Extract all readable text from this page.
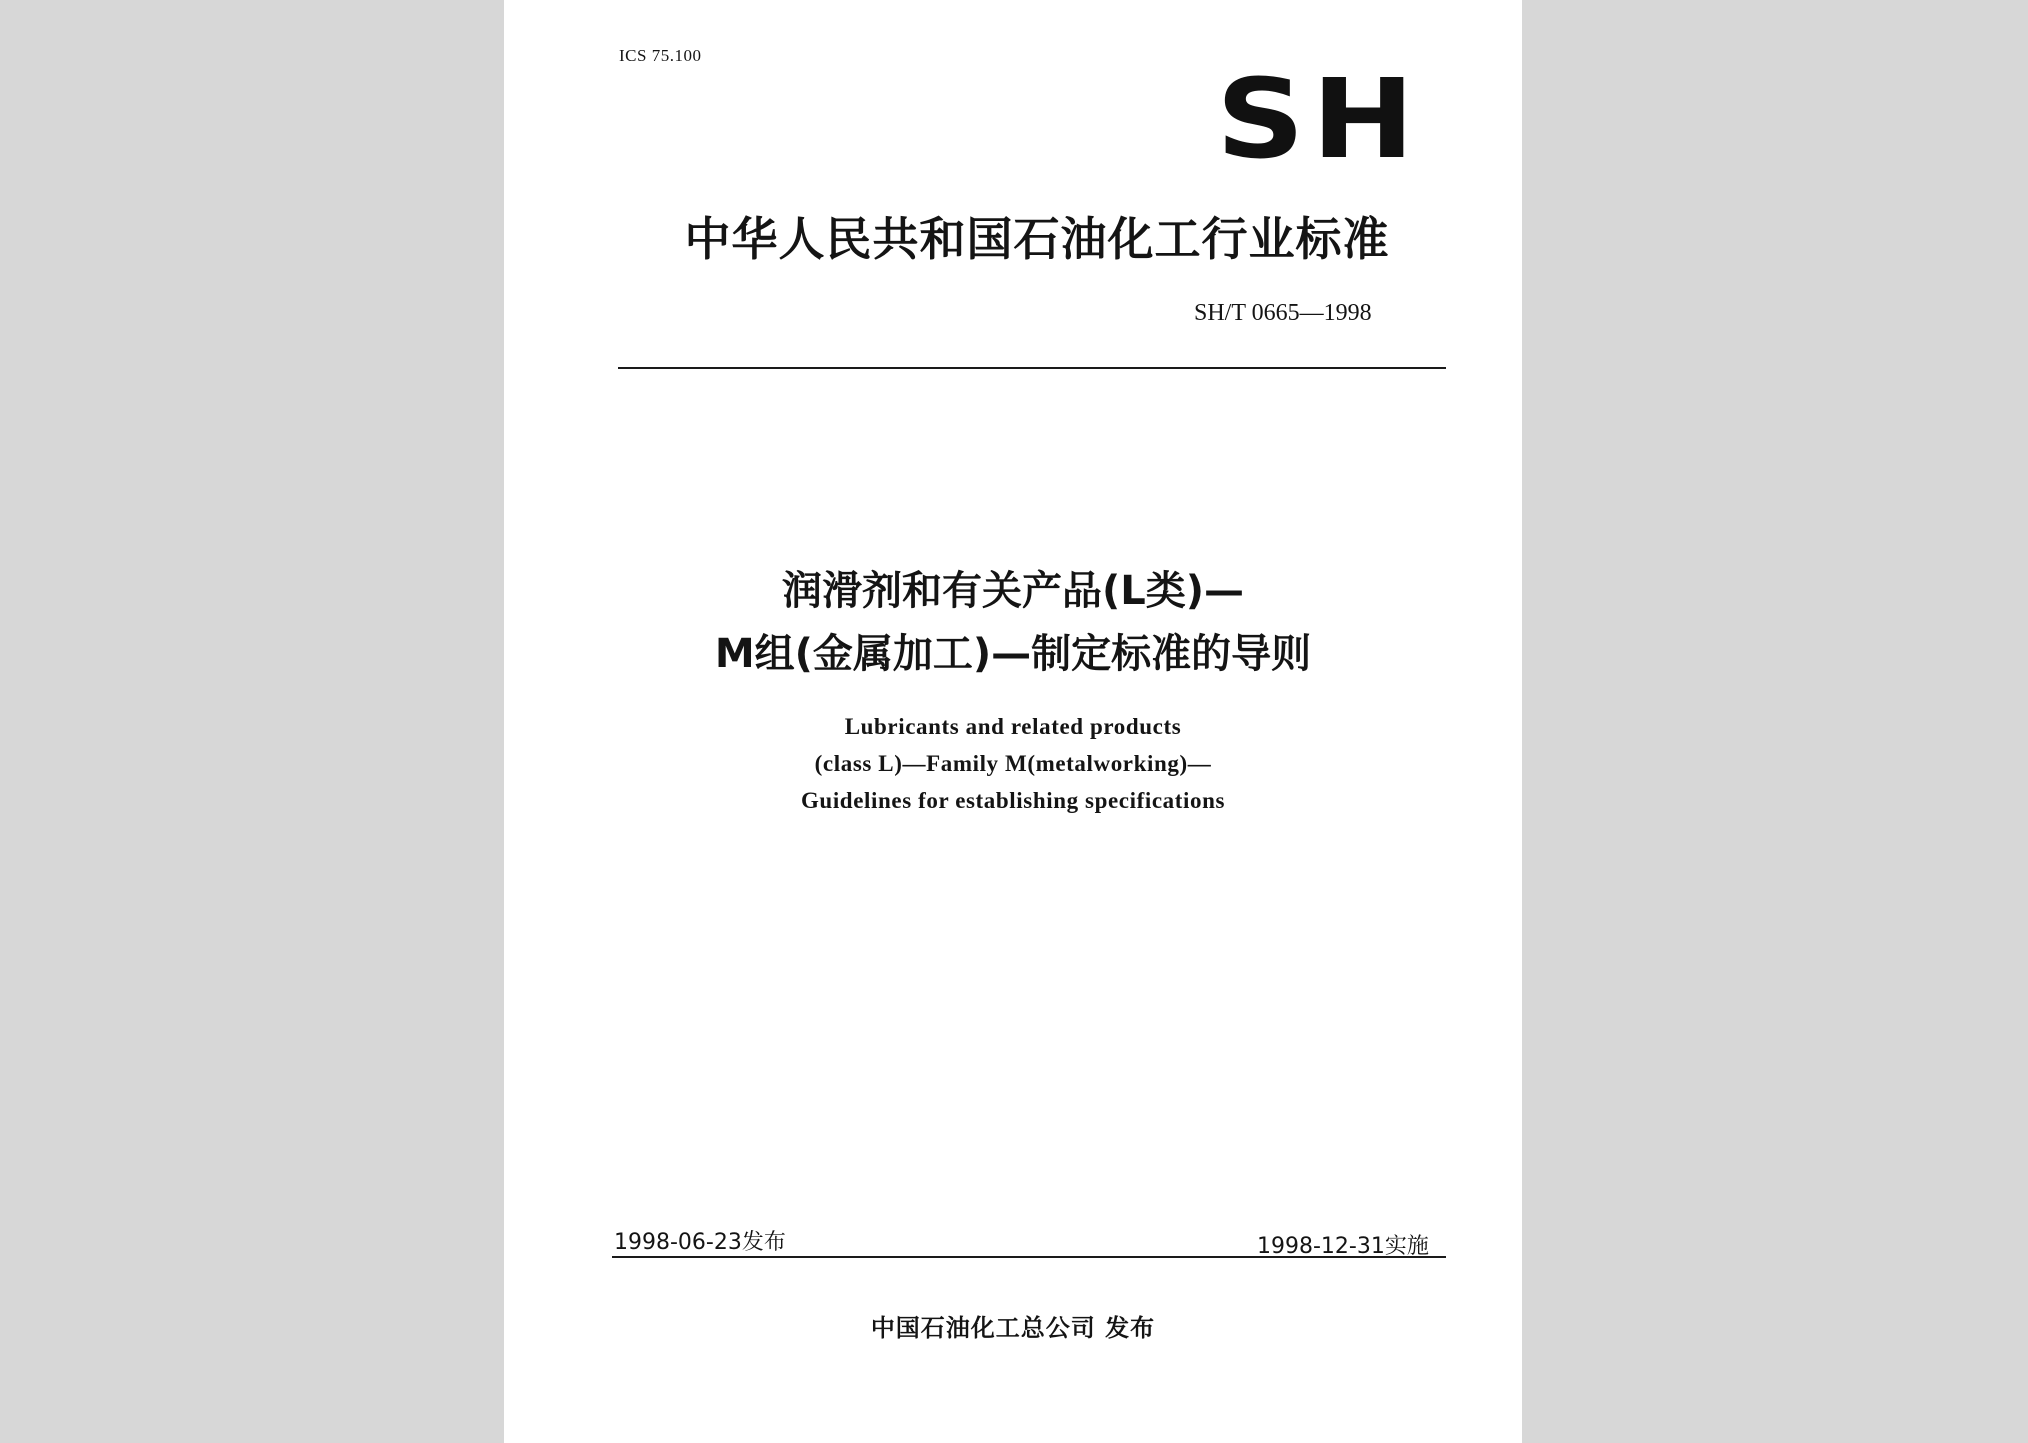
ICS 75.100	SH
中华人民共和国石油化工行业标准
SH/T 0665—1998
润滑剂和有关产品(L类)—
M组(金属加工)—制定标准的导则
Lubricants and related products
(class L)—Family M(metalworking)—
Guidelines for establishing specifications
1998-06-23发布	1998-12-31实施
中国石油化工总公司 发布
